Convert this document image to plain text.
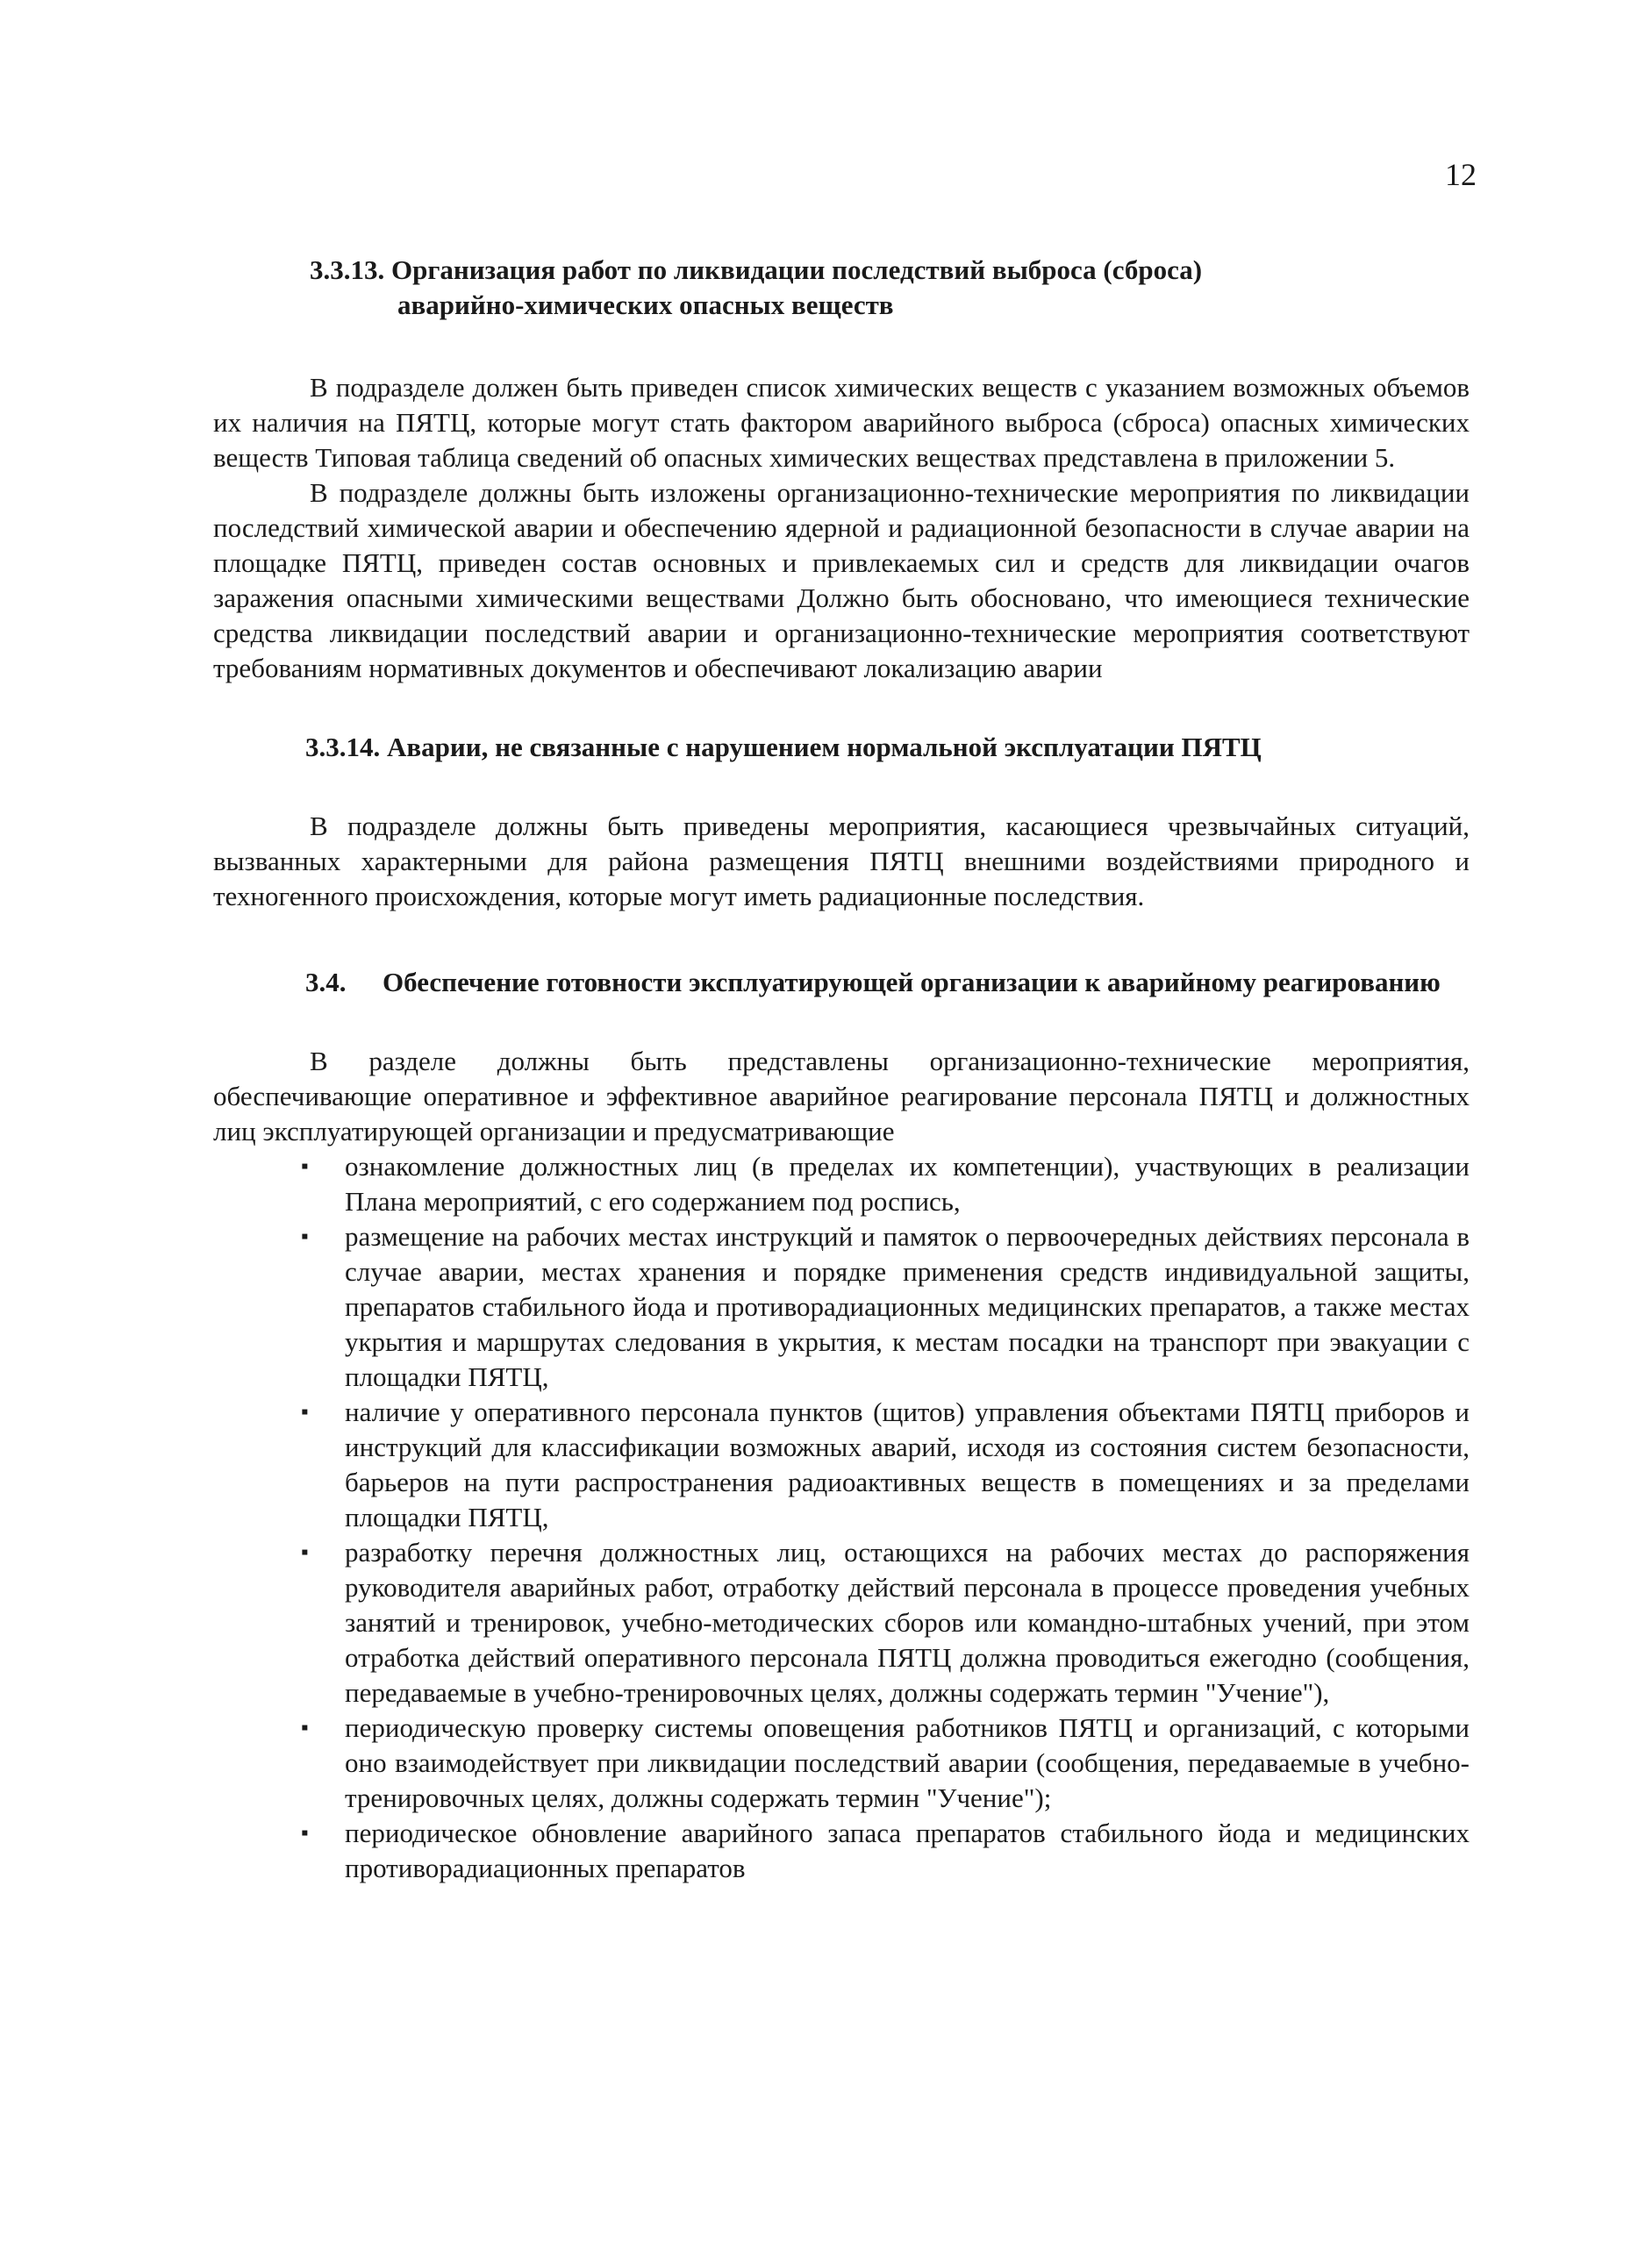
12
3.3.13. Организация работ по ликвидации последствий выброса (сброса)
аварийно-химических опасных веществ

В подразделе должен быть приведен список химических веществ с указанием возможных объемов их наличия на ПЯТЦ, которые могут стать фактором аварийного выброса (сброса) опасных химических веществ Типовая таблица сведений об опасных химических веществах представлена в приложении 5.

В подразделе должны быть изложены организационно-технические мероприятия по ликвидации последствий химической аварии и обеспечению ядерной и радиационной безопасности в случае аварии на площадке ПЯТЦ, приведен состав основных и привлекаемых сил и средств для ликвидации очагов заражения опасными химическими веществами Должно быть обосновано, что имеющиеся технические средства ликвидации последствий аварии и организационно-технические мероприятия соответствуют требованиям нормативных документов и обеспечивают локализацию аварии

3.3.14. Аварии, не связанные с нарушением нормальной эксплуатации ПЯТЦ

В подразделе должны быть приведены мероприятия, касающиеся чрезвычайных ситуаций, вызванных характерными для района размещения ПЯТЦ внешними воздействиями природного и техногенного происхождения, которые могут иметь радиационные последствия.

3.4.	Обеспечение готовности эксплуатирующей организации к аварийному реагированию

В разделе должны быть представлены организационно-технические мероприятия, обеспечивающие оперативное и эффективное аварийное реагирование персонала ПЯТЦ и должностных лиц эксплуатирующей организации и предусматривающие

▪ ознакомление должностных лиц (в пределах их компетенции), участвующих в реализации Плана мероприятий, с его содержанием под роспись,
▪ размещение на рабочих местах инструкций и памяток о первоочередных действиях персонала в случае аварии, местах хранения и порядке применения средств индивидуальной защиты, препаратов стабильного йода и противорадиационных медицинских препаратов, а также местах укрытия и маршрутах следования в укрытия, к местам посадки на транспорт при эвакуации с площадки ПЯТЦ,
▪ наличие у оперативного персонала пунктов (щитов) управления объектами ПЯТЦ приборов и инструкций для классификации возможных аварий, исходя из состояния систем безопасности, барьеров на пути распространения радиоактивных веществ в помещениях и за пределами площадки ПЯТЦ,
▪ разработку перечня должностных лиц, остающихся на рабочих местах до распоряжения руководителя аварийных работ, отработку действий персонала в процессе проведения учебных занятий и тренировок, учебно-методических сборов или командно-штабных учений, при этом отработка действий оперативного персонала ПЯТЦ должна проводиться ежегодно (сообщения, передаваемые в учебно-тренировочных целях, должны содержать термин "Учение"),
▪ периодическую проверку системы оповещения работников ПЯТЦ и организаций, с которыми оно взаимодействует при ликвидации последствий аварии (сообщения, передаваемые в учебно-тренировочных целях, должны содержать термин "Учение");
▪ периодическое обновление аварийного запаса препаратов стабильного йода и медицинских противорадиационных препаратов
